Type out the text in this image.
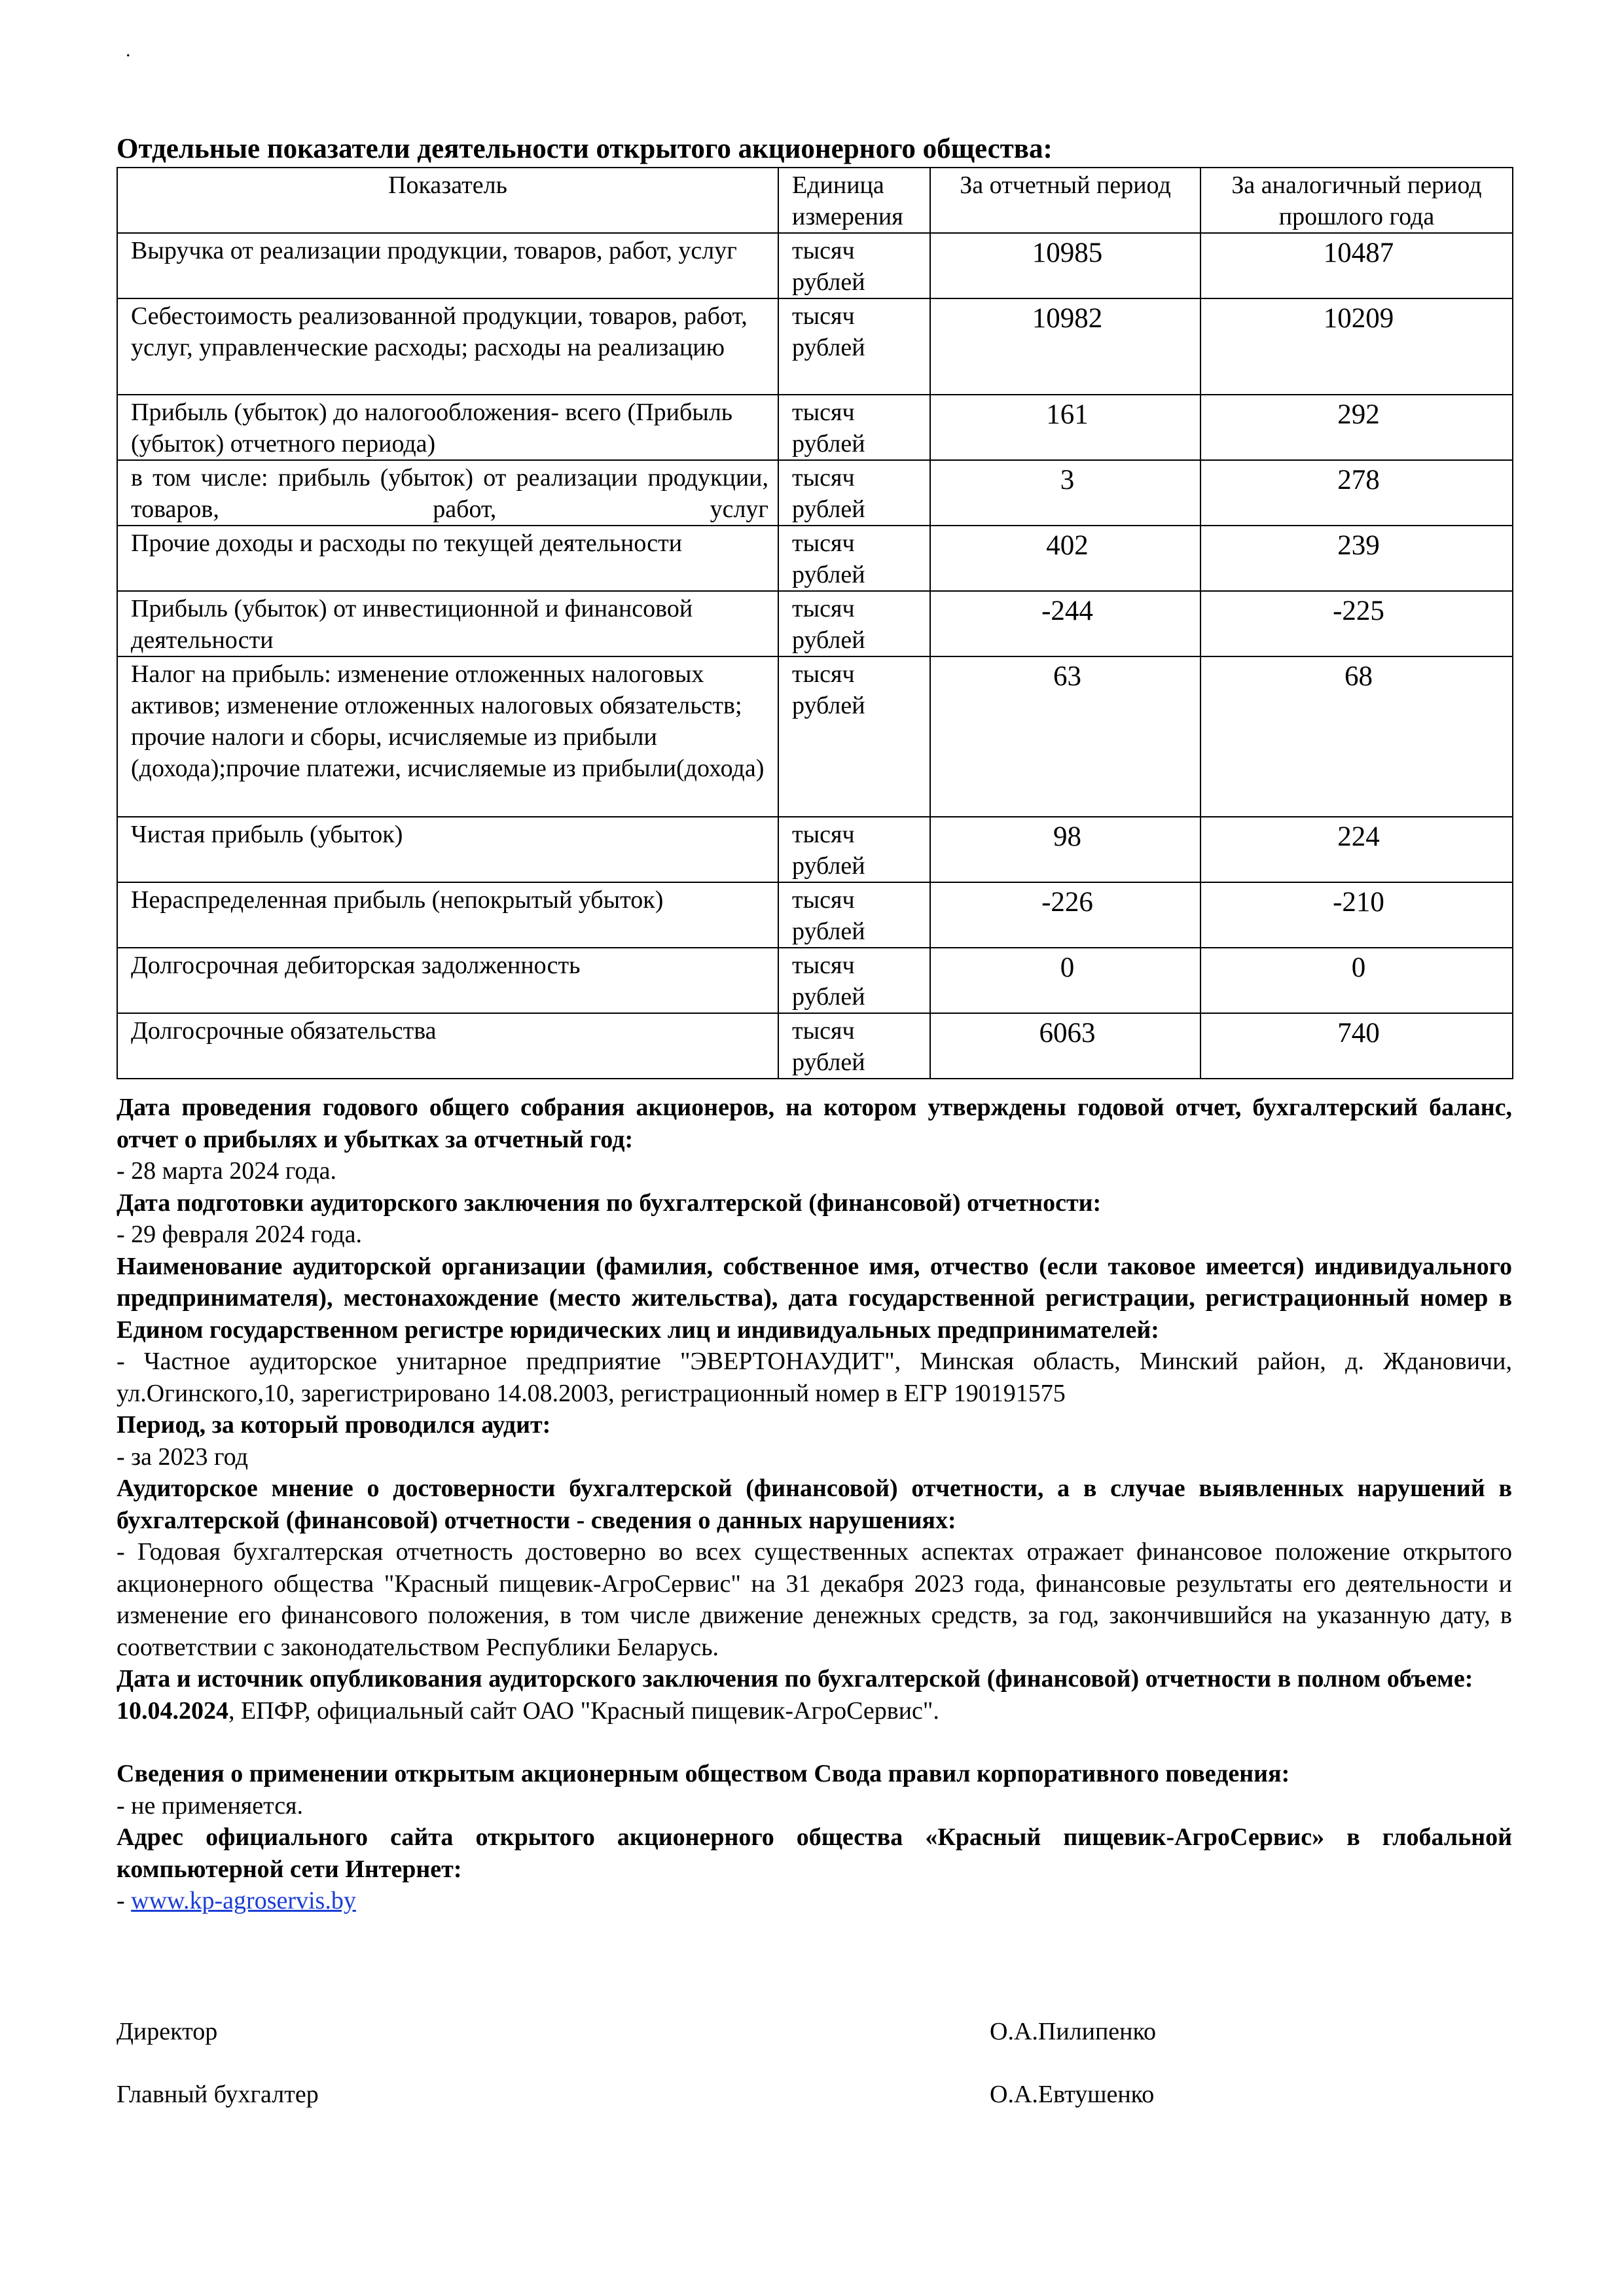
.
Отдельные показатели деятельности открытого акционерного общества:
Показатель	Единица измерения	За отчетный период	За аналогичный период прошлого года
Выручка от реализации продукции, товаров, работ, услуг	тысяч рублей	10985	10487
Себестоимость реализованной продукции, товаров, работ, услуг, управленческие расходы; расходы на реализацию	тысяч рублей	10982	10209
Прибыль (убыток) до налогообложения- всего (Прибыль (убыток) отчетного периода)	тысяч рублей	161	292
в том числе: прибыль (убыток) от реализации продукции, товаров, работ, услуг	тысяч рублей	3	278
Прочие доходы и расходы по текущей деятельности	тысяч рублей	402	239
Прибыль (убыток) от инвестиционной и финансовой деятельности	тысяч рублей	-244	-225
Налог на прибыль: изменение отложенных налоговых активов; изменение отложенных налоговых обязательств; прочие налоги и сборы, исчисляемые из прибыли (дохода);прочие платежи, исчисляемые из прибыли(дохода)	тысяч рублей	63	68
Чистая прибыль (убыток)	тысяч рублей	98	224
Нераспределенная прибыль (непокрытый убыток)	тысяч рублей	-226	-210
Долгосрочная дебиторская задолженность	тысяч рублей	0	0
Долгосрочные обязательства	тысяч рублей	6063	740

Дата проведения годового общего собрания акционеров, на котором утверждены годовой отчет, бухгалтерский баланс, отчет о прибылях и убытках за отчетный год:

- 28 марта 2024 года.

Дата подготовки аудиторского заключения по бухгалтерской (финансовой) отчетности:

- 29 февраля 2024 года.

Наименование аудиторской организации (фамилия, собственное имя, отчество (если таковое имеется) индивидуального предпринимателя), местонахождение (место жительства), дата государственной регистрации, регистрационный номер в Едином государственном регистре юридических лиц и индивидуальных предпринимателей:

- Частное аудиторское унитарное предприятие "ЭВЕРТОНАУДИТ", Минская область, Минский район, д. Ждановичи, ул.Огинского,10, зарегистрировано 14.08.2003, регистрационный номер в ЕГР 190191575

Период, за который проводился аудит:

- за 2023 год

Аудиторское мнение о достоверности бухгалтерской (финансовой) отчетности, а в случае выявленных нарушений в бухгалтерской (финансовой) отчетности - сведения о данных нарушениях:

- Годовая бухгалтерская отчетность достоверно во всех существенных аспектах отражает финансовое положение открытого акционерного общества "Красный пищевик-АгроСервис" на 31 декабря 2023 года, финансовые результаты его деятельности и изменение его финансового положения, в том числе движение денежных средств, за год, закончившийся на указанную дату, в соответствии с законодательством Республики Беларусь.

Дата и источник опубликования аудиторского заключения по бухгалтерской (финансовой) отчетности в полном объеме:

10.04.2024, ЕПФР, официальный сайт ОАО "Красный пищевик-АгроСервис".

Сведения о применении открытым акционерным обществом Свода правил корпоративного поведения:

- не применяется.

Адрес официального сайта открытого акционерного общества «Красный пищевик-АгроСервис» в глобальной компьютерной сети Интернет:

- www.kp-agroservis.by

Директор	О.А.Пилипенко
Главный бухгалтер	О.А.Евтушенко
